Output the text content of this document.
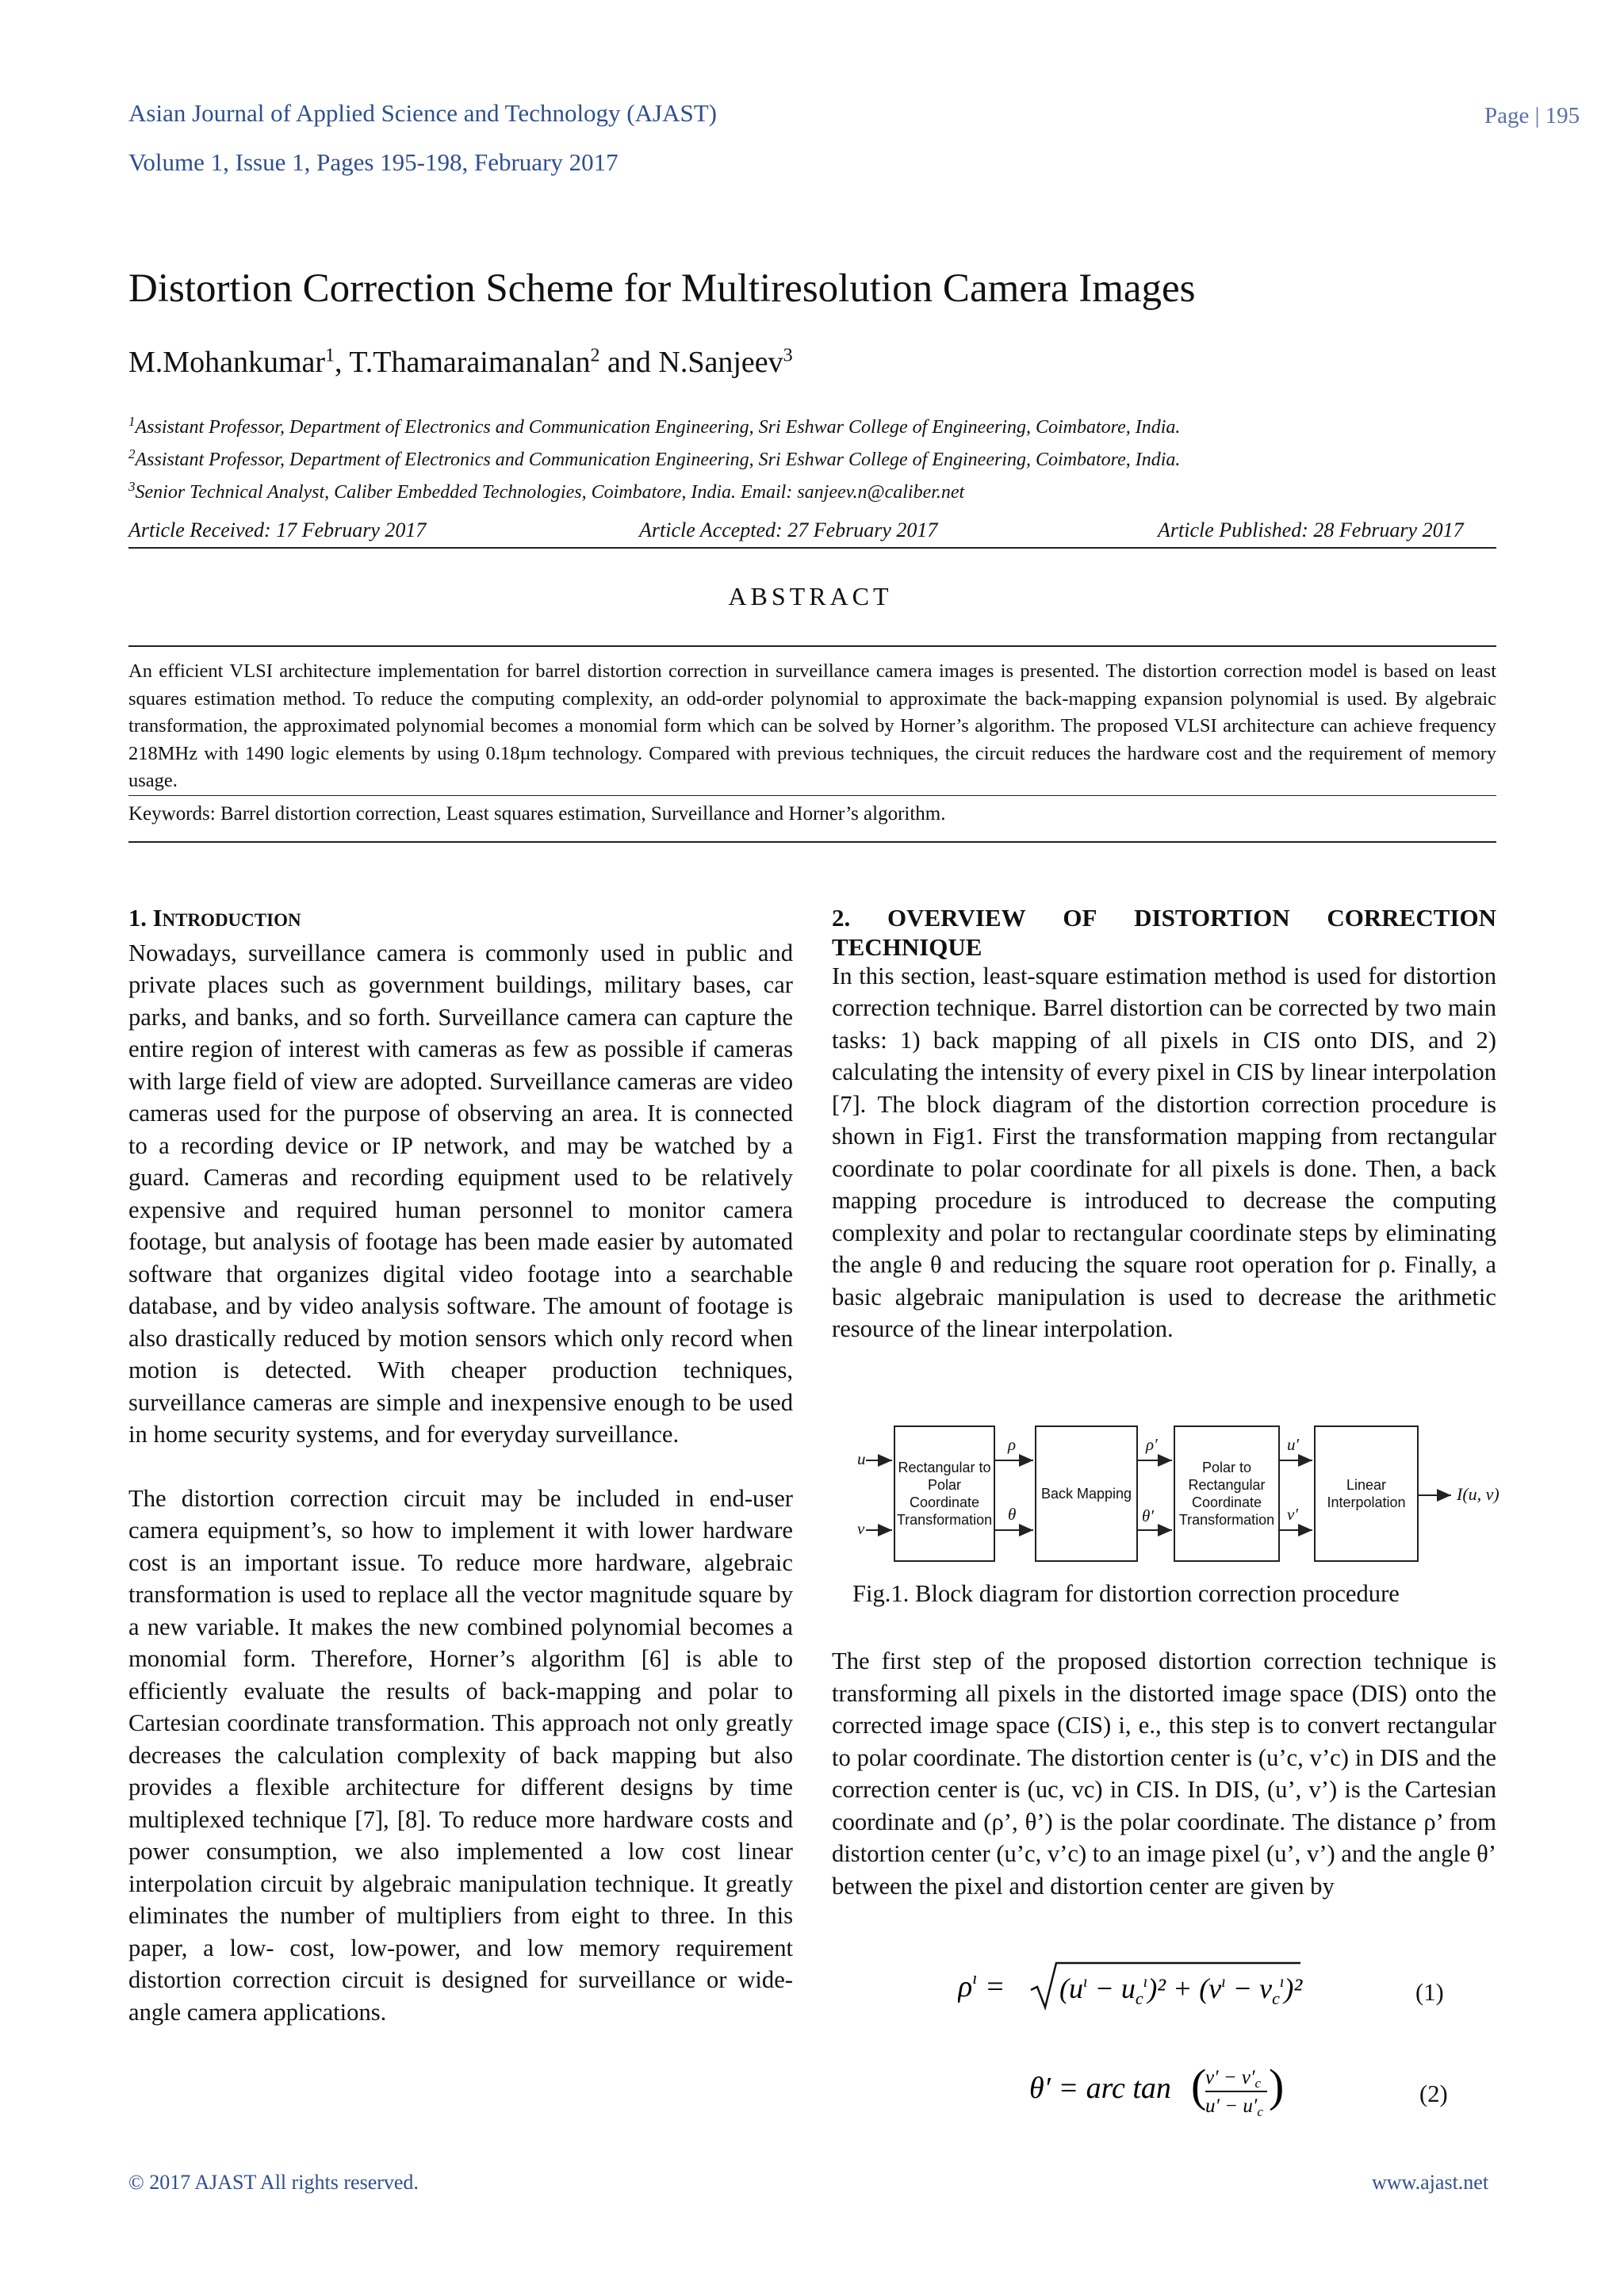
Asian Journal of Applied Science and Technology (AJAST)
Volume 1, Issue 1, Pages 195-198, February 2017
Page | 195
Distortion Correction Scheme for Multiresolution Camera Images
M.Mohankumar$^1$, T.Thamaraimanalan$^2$ and N.Sanjeev$^3$
$^1$Assistant Professor, Department of Electronics and Communication Engineering, Sri Eshwar College of Engineering, Coimbatore, India.
$^2$Assistant Professor, Department of Electronics and Communication Engineering, Sri Eshwar College of Engineering, Coimbatore, India.
$^3$Senior Technical Analyst, Caliber Embedded Technologies, Coimbatore, India. Email: sanjeev.n@caliber.net
Article Received: 17 February 2017	Article Accepted: 27 February 2017	Article Published: 28 February 2017
ABSTRACT
An efficient VLSI architecture implementation for barrel distortion correction in surveillance camera images is presented. The distortion correction model is based on least squares estimation method. To reduce the computing complexity, an odd-order polynomial to approximate the back-mapping expansion polynomial is used. By algebraic transformation, the approximated polynomial becomes a monomial form which can be solved by Horner’s algorithm. The proposed VLSI architecture can achieve frequency 218MHz with 1490 logic elements by using 0.18µm technology. Compared with previous techniques, the circuit reduces the hardware cost and the requirement of memory usage.
Keywords: Barrel distortion correction, Least squares estimation, Surveillance and Horner’s algorithm.
1. INTRODUCTION

Nowadays, surveillance camera is commonly used in public and private places such as government buildings, military bases, car parks, and banks, and so forth. Surveillance camera can capture the entire region of interest with cameras as few as possible if cameras with large field of view are adopted. Surveillance cameras are video cameras used for the purpose of observing an area. It is connected to a recording device or IP network, and may be watched by a guard. Cameras and recording equipment used to be relatively expensive and required human personnel to monitor camera footage, but analysis of footage has been made easier by automated software that organizes digital video footage into a searchable database, and by video analysis software. The amount of footage is also drastically reduced by motion sensors which only record when motion is detected. With cheaper production techniques, surveillance cameras are simple and inexpensive enough to be used in home security systems, and for everyday surveillance.

The distortion correction circuit may be included in end-user camera equipment’s, so how to implement it with lower hardware cost is an important issue. To reduce more hardware, algebraic transformation is used to replace all the vector magnitude square by a new variable. It makes the new combined polynomial becomes a monomial form. Therefore, Horner’s algorithm [6] is able to efficiently evaluate the results of back-mapping and polar to Cartesian coordinate transformation. This approach not only greatly decreases the calculation complexity of back mapping but also provides a flexible architecture for different designs by time multiplexed technique [7], [8]. To reduce more hardware costs and power consumption, we also implemented a low cost linear interpolation circuit by algebraic manipulation technique. It greatly eliminates the number of multipliers from eight to three. In this paper, a low- cost, low-power, and low memory requirement distortion correction circuit is designed for surveillance or wide-angle camera applications.

2. OVERVIEW OF DISTORTION CORRECTION
TECHNIQUE

In this section, least-square estimation method is used for distortion correction technique. Barrel distortion can be corrected by two main tasks: 1) back mapping of all pixels in CIS onto DIS, and 2) calculating the intensity of every pixel in CIS by linear interpolation [7]. The block diagram of the distortion correction procedure is shown in Fig1. First the transformation mapping from rectangular coordinate to polar coordinate for all pixels is done. Then, a back mapping procedure is introduced to decrease the computing complexity and polar to rectangular coordinate steps by eliminating the angle θ and reducing the square root operation for ρ. Finally, a basic algebraic manipulation is used to decrease the arithmetic resource of the linear interpolation.

Rectangular to Polar Coordinate Transformation
Back Mapping
Polar to Rectangular Coordinate Transformation
Linear Interpolation
u
v
ρ
θ
ρ′
θ′
u′
v′
I(u, v)
Fig.1. Block diagram for distortion correction procedure

The first step of the proposed distortion correction technique is transforming all pixels in the distorted image space (DIS) onto the corrected image space (CIS) i, e., this step is to convert rectangular to polar coordinate. The distortion center is (u’c, v’c) in DIS and the correction center is (uc, vc) in CIS. In DIS, (u’, v’) is the Cartesian coordinate and (ρ’, θ’) is the polar coordinate. The distance ρ’ from distortion center (u’c, v’c) to an image pixel (u’, v’) and the angle θ’ between the pixel and distortion center are given by

$\rho^ı = (u^ı - u_c^ı)^2 + (v^ı - v_c^ı)^2$	(1)
θ′ = arc tan (
$v' - v'_c$
$u' - u'_c$
)	(2)
© 2017 AJAST All rights reserved.	www.ajast.net
